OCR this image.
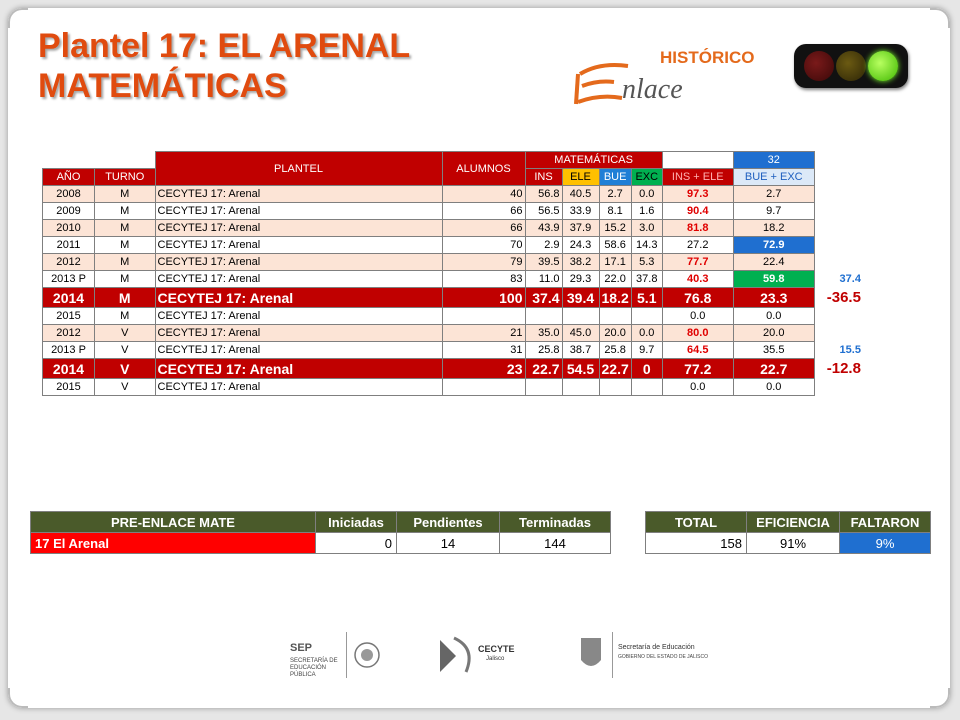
Plantel 17: EL ARENAL
MATEMÁTICAS
HISTÓRICO
nlace
		PLANTEL	ALUMNOS	MATEMÁTICAS					32	
AÑO	TURNO			INS	ELE	BUE	EXC	INS + ELE	BUE + EXC	
2008	M	CECYTEJ 17: Arenal	40	56.8	40.5	2.7	0.0	97.3	2.7	
2009	M	CECYTEJ 17: Arenal	66	56.5	33.9	8.1	1.6	90.4	9.7	
2010	M	CECYTEJ 17: Arenal	66	43.9	37.9	15.2	3.0	81.8	18.2	
2011	M	CECYTEJ 17: Arenal	70	2.9	24.3	58.6	14.3	27.2	72.9	
2012	M	CECYTEJ 17: Arenal	79	39.5	38.2	17.1	5.3	77.7	22.4	
2013 P	M	CECYTEJ 17: Arenal	83	11.0	29.3	22.0	37.8	40.3	59.8	37.4
2014	M	CECYTEJ 17: Arenal	100	37.4	39.4	18.2	5.1	76.8	23.3	-36.5
2015	M	CECYTEJ 17: Arenal						0.0	0.0	
2012	V	CECYTEJ 17: Arenal	21	35.0	45.0	20.0	0.0	80.0	20.0	
2013 P	V	CECYTEJ 17: Arenal	31	25.8	38.7	25.8	9.7	64.5	35.5	15.5
2014	V	CECYTEJ 17: Arenal	23	22.7	54.5	22.7	0	77.2	22.7	-12.8
2015	V	CECYTEJ 17: Arenal						0.0	0.0	
PRE-ENLACE MATE	Iniciadas	Pendientes	Terminadas		TOTAL	EFICIENCIA	FALTARON
17 El Arenal	0	14	144		158	91%	9%
SEP
SECRETARÍA DE EDUCACIÓN PÚBLICA
CECYTE
Jalisco
Secretaría de Educación
GOBIERNO DEL ESTADO DE JALISCO
